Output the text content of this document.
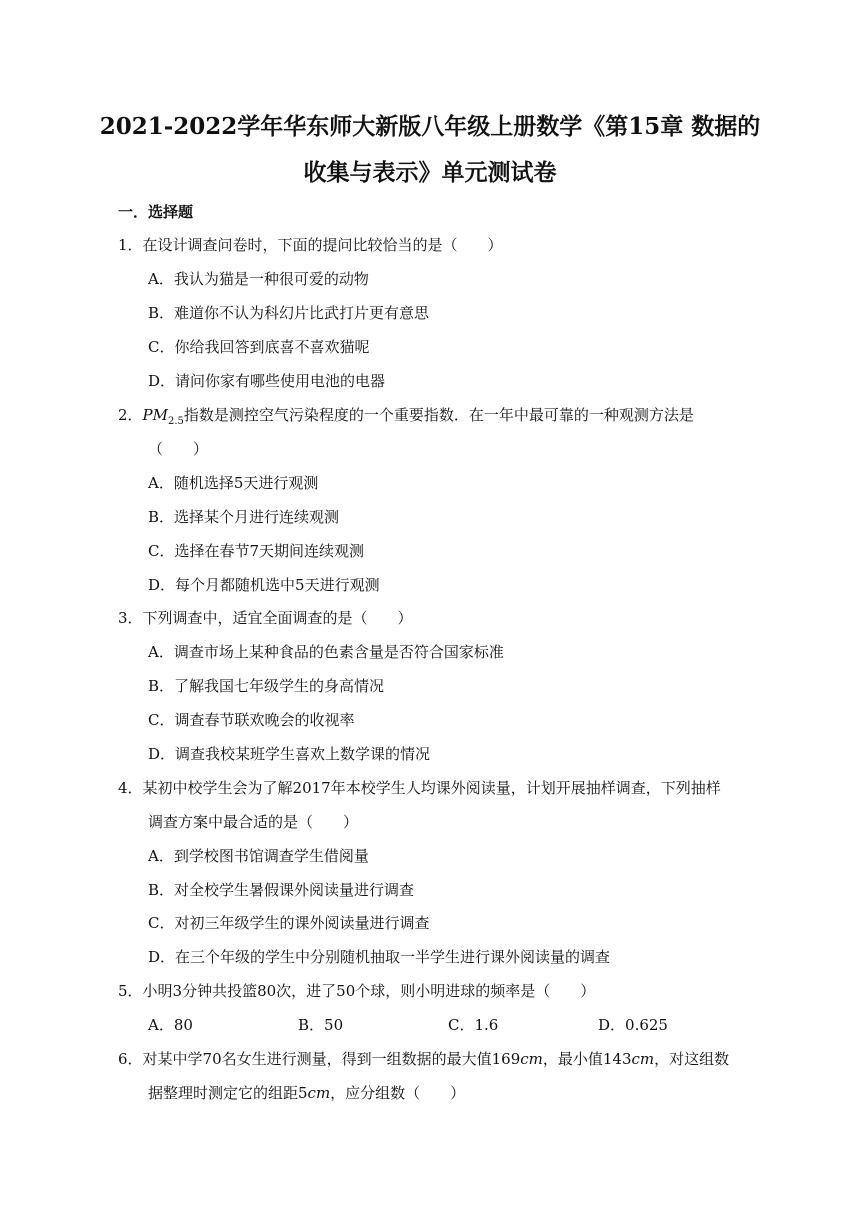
2021-2022学年华东师大新版八年级上册数学《第15章 数据的
收集与表示》单元测试卷
一．选择题
1．在设计调查问卷时，下面的提问比较恰当的是（　　）
A．我认为猫是一种很可爱的动物
B．难道你不认为科幻片比武打片更有意思
C．你给我回答到底喜不喜欢猫呢
D．请问你家有哪些使用电池的电器
2．$PM_{2.5}$指数是测控空气污染程度的一个重要指数．在一年中最可靠的一种观测方法是
（　　）
A．随机选择5天进行观测
B．选择某个月进行连续观测
C．选择在春节7天期间连续观测
D．每个月都随机选中5天进行观测
3．下列调查中，适宜全面调查的是（　　）
A．调查市场上某种食品的色素含量是否符合国家标准
B．了解我国七年级学生的身高情况
C．调查春节联欢晚会的收视率
D．调查我校某班学生喜欢上数学课的情况
4．某初中校学生会为了解2017年本校学生人均课外阅读量，计划开展抽样调查，下列抽样
调查方案中最合适的是（　　）
A．到学校图书馆调查学生借阅量
B．对全校学生暑假课外阅读量进行调查
C．对初三年级学生的课外阅读量进行调查
D．在三个年级的学生中分别随机抽取一半学生进行课外阅读量的调查
5．小明3分钟共投篮80次，进了50个球，则小明进球的频率是（　　）
A．80	B．50	C．1.6	D．0.625
6．对某中学70名女生进行测量，得到一组数据的最大值169cm，最小值143cm，对这组数
据整理时测定它的组距5cm，应分组数（　　）
